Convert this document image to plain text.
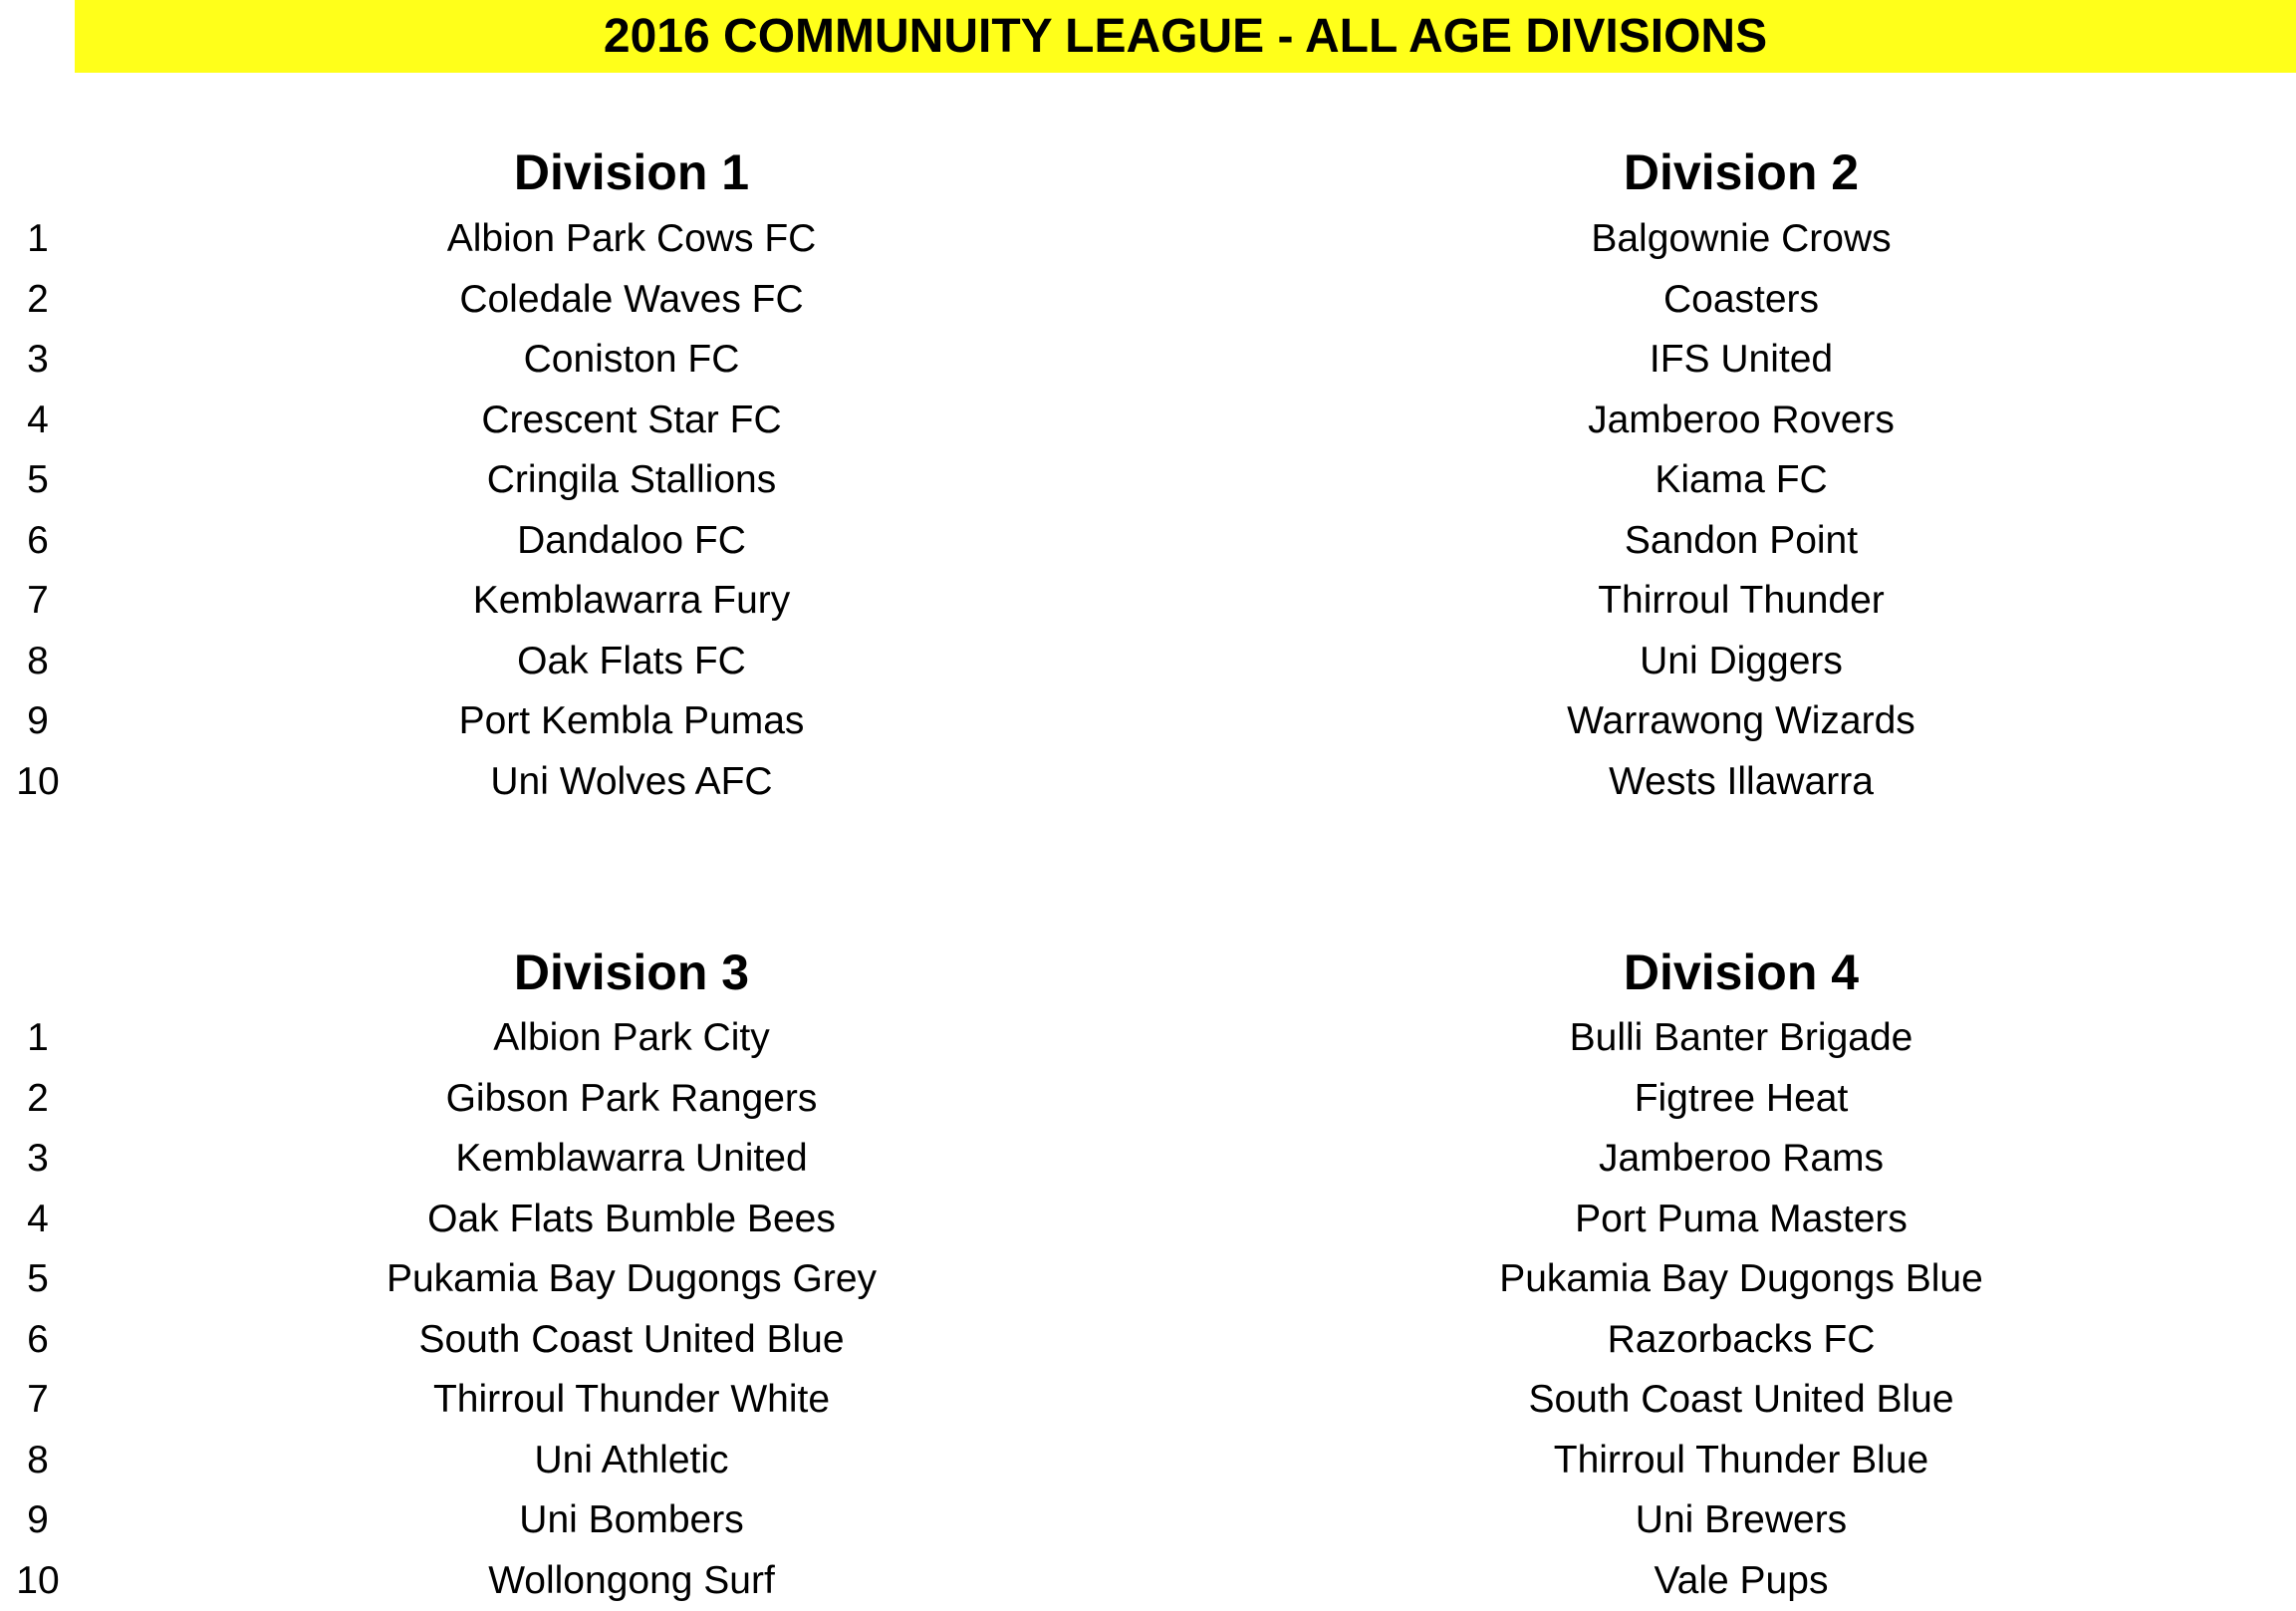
2016 COMMUNUITY LEAGUE - ALL AGE DIVISIONS
Division 1
Albion Park Cows FC
Coledale Waves FC
Coniston FC
Crescent Star FC
Cringila Stallions
Dandaloo FC
Kemblawarra Fury
Oak Flats FC
Port Kembla Pumas
Uni Wolves AFC
Division 2
Balgownie Crows
Coasters
IFS United
Jamberoo Rovers
Kiama FC
Sandon Point
Thirroul Thunder
Uni Diggers
Warrawong Wizards
Wests Illawarra
Division 3
Albion Park City
Gibson Park Rangers
Kemblawarra United
Oak Flats Bumble Bees
Pukamia Bay Dugongs Grey
South Coast United Blue
Thirroul Thunder White
Uni Athletic
Uni Bombers
Wollongong Surf
Division 4
Bulli Banter Brigade
Figtree Heat
Jamberoo Rams
Port Puma Masters
Pukamia Bay Dugongs Blue
Razorbacks FC
South Coast United Blue
Thirroul Thunder Blue
Uni Brewers
Vale Pups
1
2
3
4
5
6
7
8
9
10
1
2
3
4
5
6
7
8
9
10
